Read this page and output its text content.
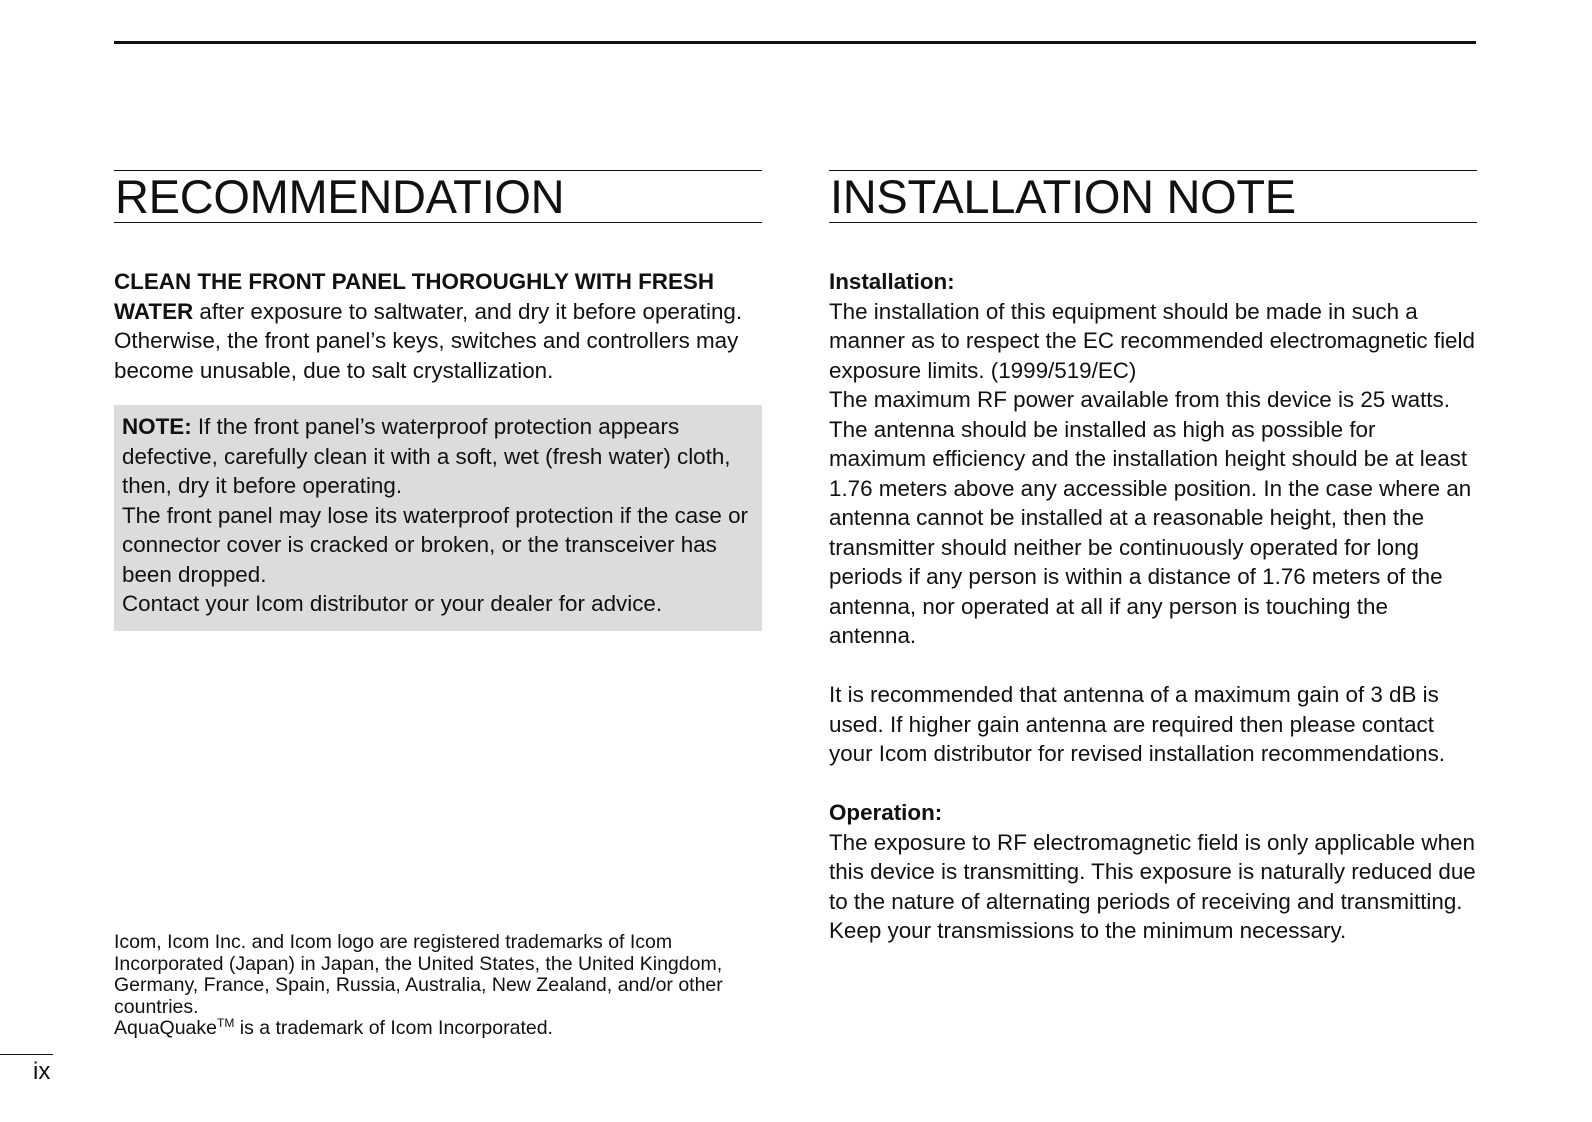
RECOMMENDATION

CLEAN THE FRONT PANEL THOROUGHLY WITH FRESH WATER after exposure to saltwater, and dry it before operating. Otherwise, the front panel’s keys, switches and controllers may become unusable, due to salt crystallization.

NOTE: If the front panel’s waterproof protection appears defective, carefully clean it with a soft, wet (fresh water) cloth, then, dry it before operating.

The front panel may lose its waterproof protection if the case or connector cover is cracked or broken, or the transceiver has been dropped.

Contact your Icom distributor or your dealer for advice.

Icom, Icom Inc. and Icom logo are registered trademarks of Icom Incorporated (Japan) in Japan, the United States, the United Kingdom, Germany, France, Spain, Russia, Australia, New Zealand, and/or other countries.

AquaQuake™ is a trademark of Icom Incorporated.

INSTALLATION NOTE

Installation:

The installation of this equipment should be made in such a manner as to respect the EC recommended electromagnetic field exposure limits. (1999/519/EC)

The maximum RF power available from this device is 25 watts. The antenna should be installed as high as possible for maximum efficiency and the installation height should be at least 1.76 meters above any accessible position. In the case where an antenna cannot be installed at a reasonable height, then the transmitter should neither be continuously operated for long periods if any person is within a distance of 1.76 meters of the antenna, nor operated at all if any person is touching the antenna.

It is recommended that antenna of a maximum gain of 3 dB is used. If higher gain antenna are required then please contact your Icom distributor for revised installation recommendations.

Operation:

The exposure to RF electromagnetic field is only applicable when this device is transmitting. This exposure is naturally reduced due to the nature of alternating periods of receiving and transmitting. Keep your transmissions to the minimum necessary.

ix
